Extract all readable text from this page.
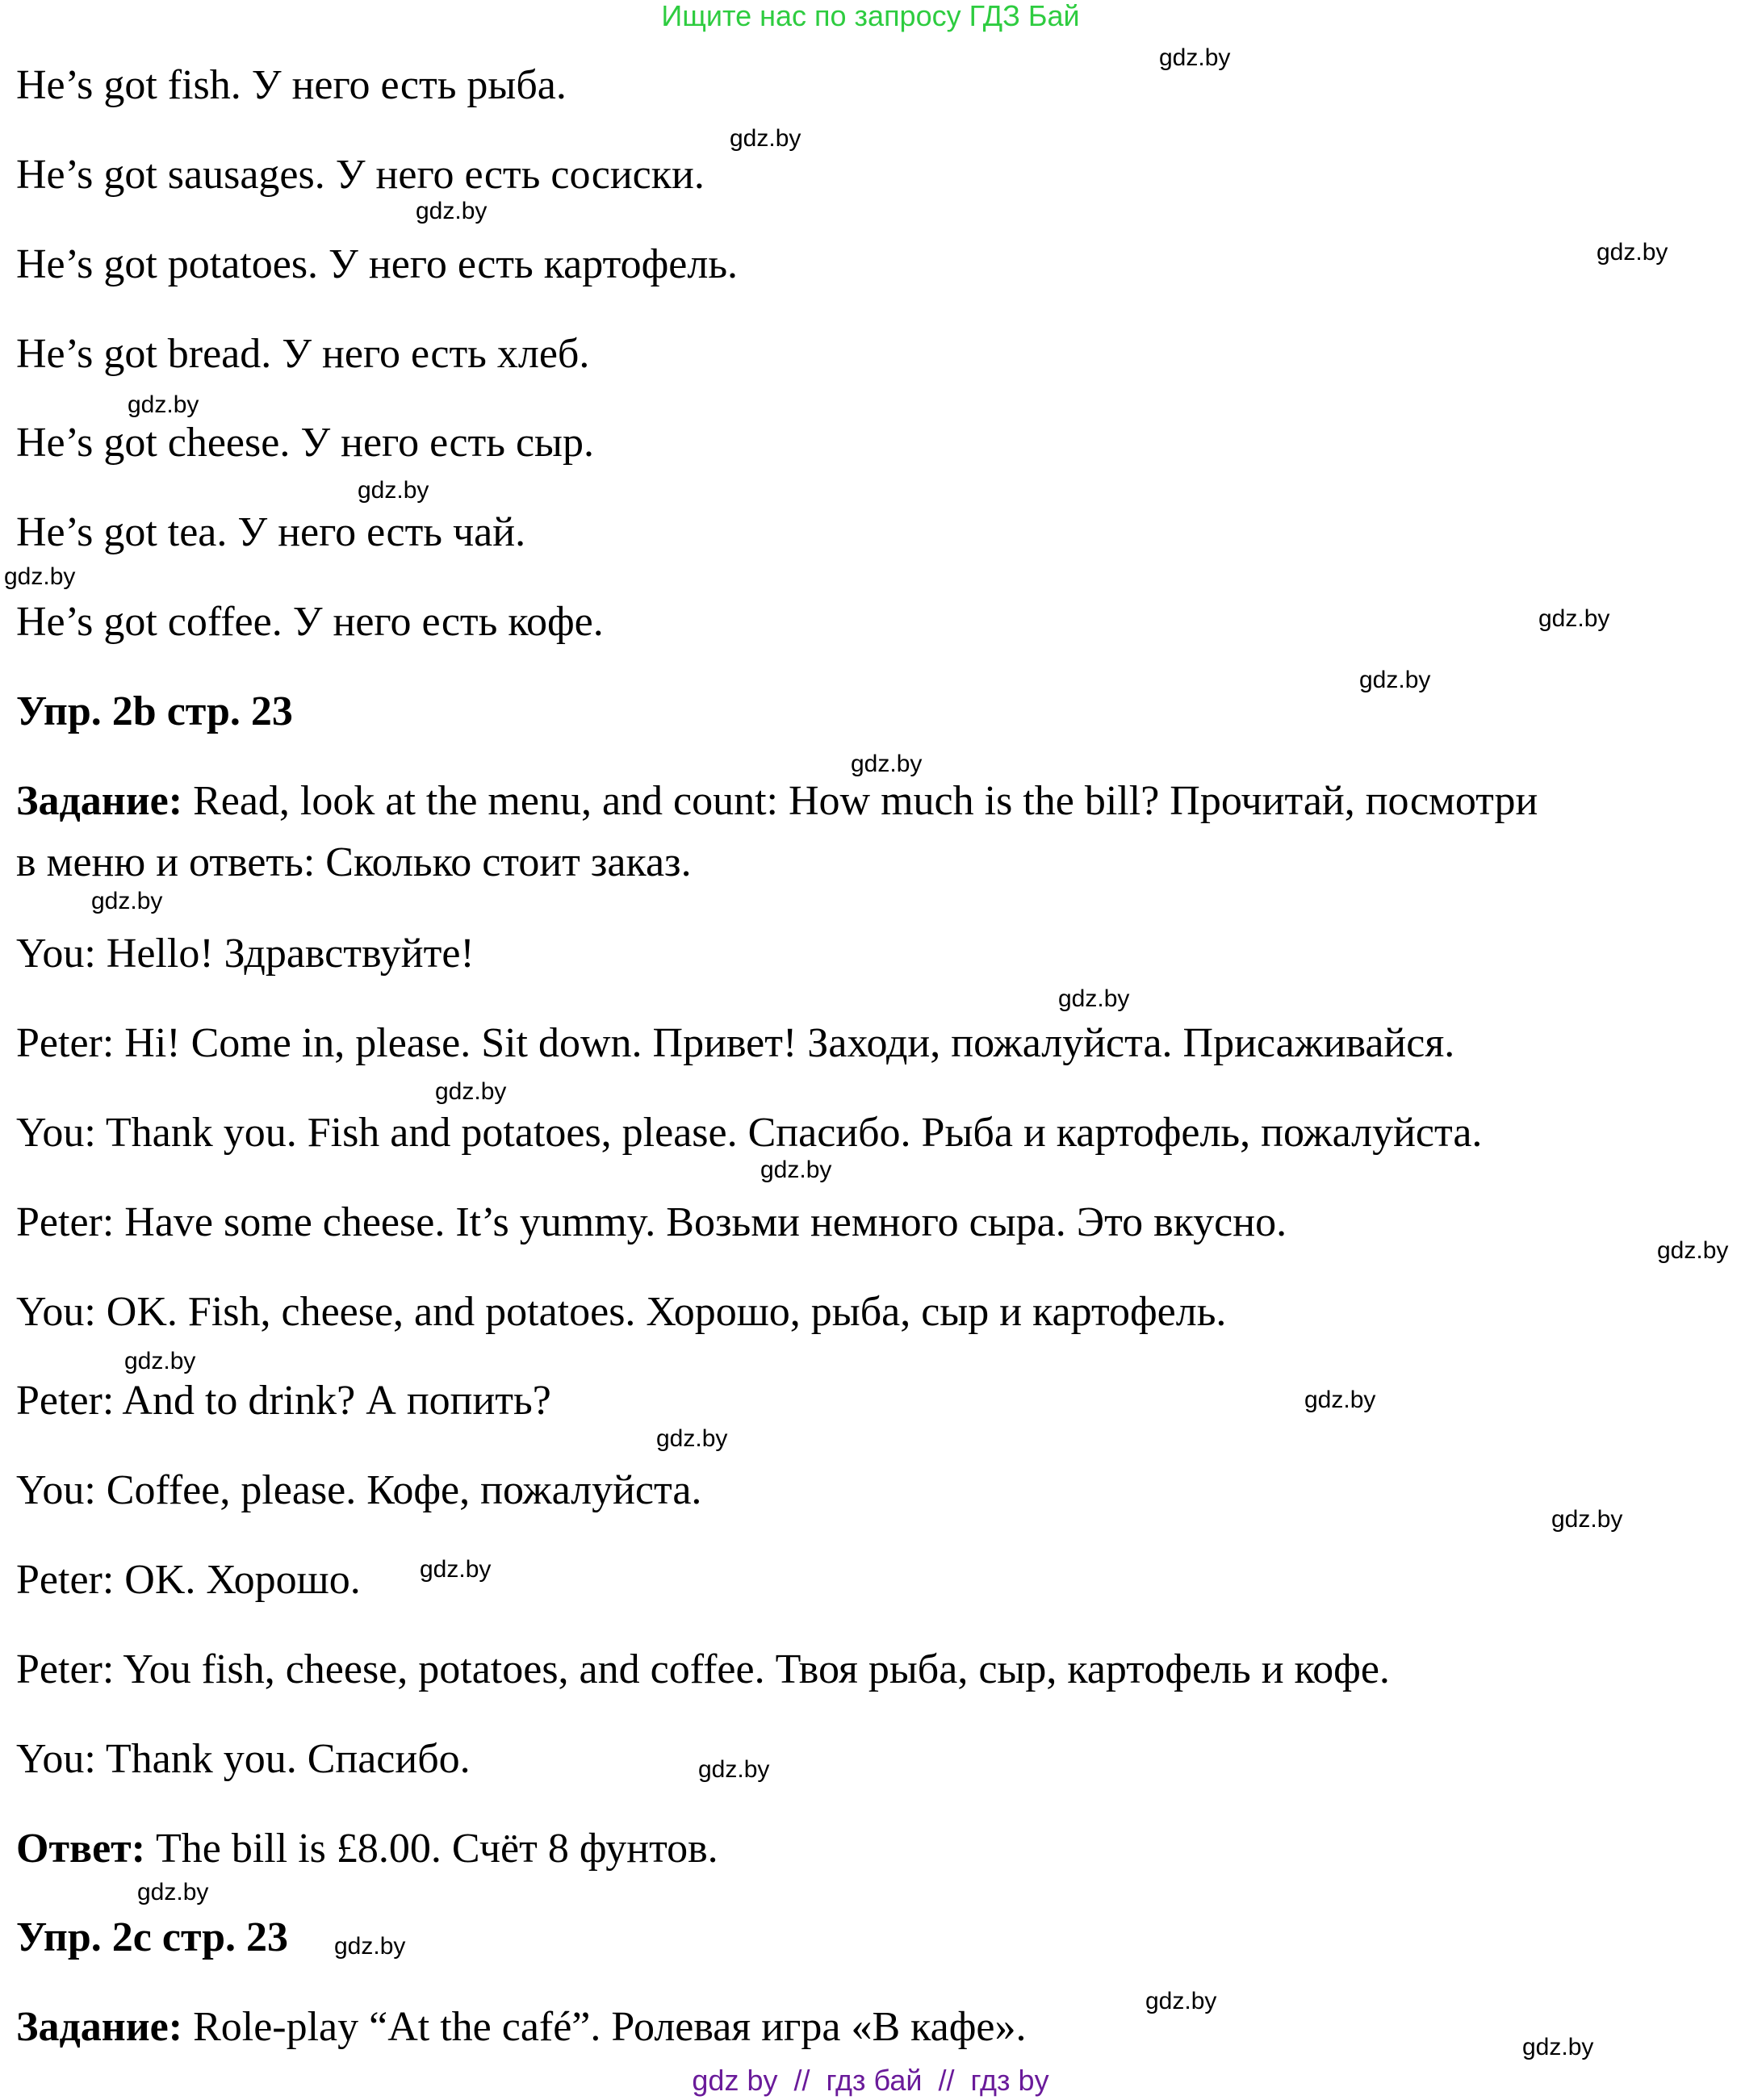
Ищите нас по запросу ГДЗ Бай
He’s got fish. У него есть рыба.
He’s got sausages. У него есть сосиски.
He’s got potatoes. У него есть картофель.
He’s got bread. У него есть хлеб.
He’s got cheese. У него есть сыр.
He’s got tea. У него есть чай.
He’s got coffee. У него есть кофе.
Упр. 2b стр. 23
Задание: Read, look at the menu, and count: How much is the bill? Прочитай, посмотри
в меню и ответь: Сколько стоит заказ.
You: Hello! Здравствуйте!
Peter: Hi! Come in, please. Sit down. Привет! Заходи, пожалуйста. Присаживайся.
You: Thank you. Fish and potatoes, please. Спасибо. Рыба и картофель, пожалуйста.
Peter: Have some cheese. It’s yummy. Возьми немного сыра. Это вкусно.
You: OK. Fish, cheese, and potatoes. Хорошо, рыба, сыр и картофель.
Peter: And to drink? А попить?
You: Coffee, please. Кофе, пожалуйста.
Peter: OK. Хорошо.
Peter: You fish, cheese, potatoes, and coffee. Твоя рыба, сыр, картофель и кофе.
You: Thank you. Спасибо.
Ответ: The bill is £8.00. Счёт 8 фунтов.
Упр. 2c стр. 23
Задание: Role-play “At the café”. Ролевая игра «В кафе».
gdz.by
gdz.by
gdz.by
gdz.by
gdz.by
gdz.by
gdz.by
gdz.by
gdz.by
gdz.by
gdz.by
gdz.by
gdz.by
gdz.by
gdz.by
gdz.by
gdz.by
gdz.by
gdz.by
gdz.by
gdz.by
gdz.by
gdz.by
gdz.by
gdz.by
gdz by // гдз бай // гдз by
